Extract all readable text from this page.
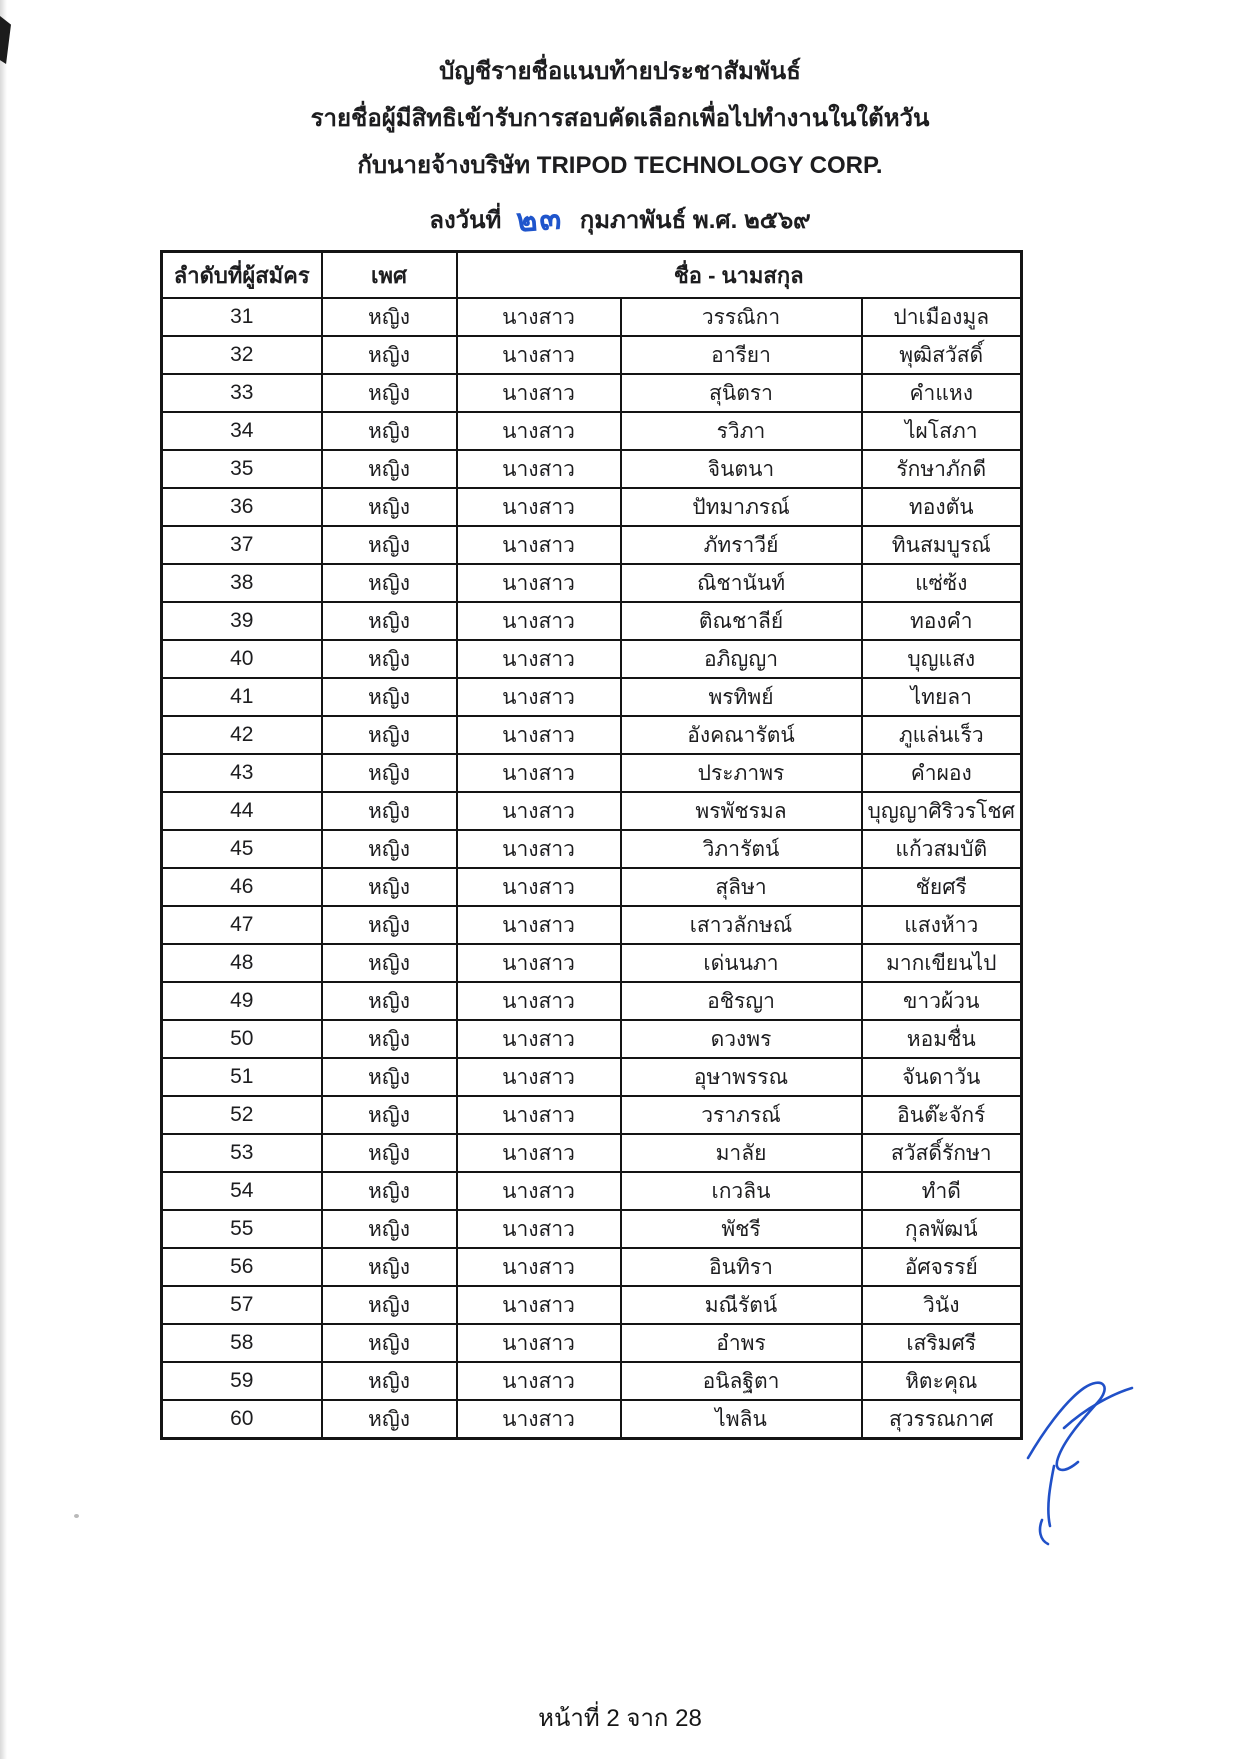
บัญชีรายชื่อแนบท้ายประชาสัมพันธ์
รายชื่อผู้มีสิทธิเข้ารับการสอบคัดเลือกเพื่อไปทำงานในใต้หวัน
กับนายจ้างบริษัท TRIPOD TECHNOLOGY CORP.
ลงวันที่ ๒๓ กุมภาพันธ์ พ.ศ. ๒๕๖๙
ลำดับที่ผู้สมัคร	เพศ	ชื่อ - นามสกุล		
31	หญิง	นางสาว	วรรณิกา	ปาเมืองมูล
32	หญิง	นางสาว	อารียา	พุฒิสวัสดิ์
33	หญิง	นางสาว	สุนิตรา	คำแหง
34	หญิง	นางสาว	รวิภา	ไผโสภา
35	หญิง	นางสาว	จินตนา	รักษาภักดี
36	หญิง	นางสาว	ปัทมาภรณ์	ทองตัน
37	หญิง	นางสาว	ภัทราวีย์	ทินสมบูรณ์
38	หญิง	นางสาว	ณิชานันท์	แซ่ซ้ง
39	หญิง	นางสาว	ติณชาลีย์	ทองคำ
40	หญิง	นางสาว	อภิญญา	บุญแสง
41	หญิง	นางสาว	พรทิพย์	ไทยลา
42	หญิง	นางสาว	อังคณารัตน์	ภูแล่นเร็ว
43	หญิง	นางสาว	ประภาพร	คำผอง
44	หญิง	นางสาว	พรพัชรมล	บุญญาศิริวรโชศ
45	หญิง	นางสาว	วิภารัตน์	แก้วสมบัติ
46	หญิง	นางสาว	สุลิษา	ชัยศรี
47	หญิง	นางสาว	เสาวลักษณ์	แสงห้าว
48	หญิง	นางสาว	เด่นนภา	มากเขียนไป
49	หญิง	นางสาว	อชิรญา	ขาวผ้วน
50	หญิง	นางสาว	ดวงพร	หอมชื่น
51	หญิง	นางสาว	อุษาพรรณ	จันดาวัน
52	หญิง	นางสาว	วราภรณ์	อินต๊ะจักร์
53	หญิง	นางสาว	มาลัย	สวัสดิ์รักษา
54	หญิง	นางสาว	เกวลิน	ทำดี
55	หญิง	นางสาว	พัชรี	กุลพัฒน์
56	หญิง	นางสาว	อินทิรา	อัศจรรย์
57	หญิง	นางสาว	มณีรัตน์	วินัง
58	หญิง	นางสาว	อำพร	เสริมศรี
59	หญิง	นางสาว	อนิลฐิตา	หิตะคุณ
60	หญิง	นางสาว	ไพลิน	สุวรรณกาศ
หน้าที่ 2 จาก 28
